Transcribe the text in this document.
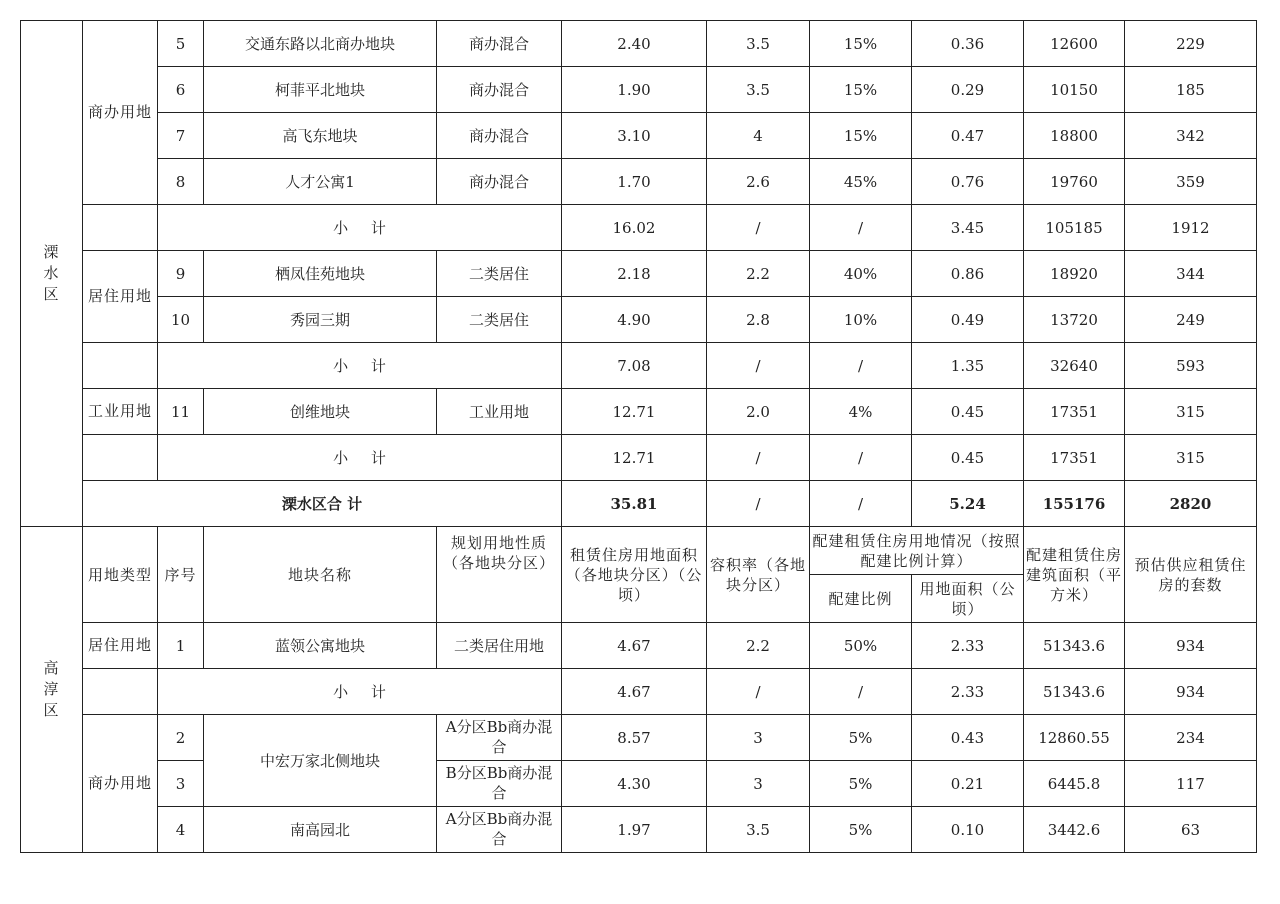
溧水区	商办用地	5	交通东路以北商办地块	商办混合	2.40	3.5	15%	0.36	12600	229
		6	柯菲平北地块	商办混合	1.90	3.5	15%	0.29	10150	185
		7	高飞东地块	商办混合	3.10	4	15%	0.47	18800	342
		8	人才公寓1	商办混合	1.70	2.6	45%	0.76	19760	359
		小 计			16.02	/	/	3.45	105185	1912
	居住用地	9	栖凤佳苑地块	二类居住	2.18	2.2	40%	0.86	18920	344
		10	秀园三期	二类居住	4.90	2.8	10%	0.49	13720	249
		小 计			7.08	/	/	1.35	32640	593
	工业用地	11	创维地块	工业用地	12.71	2.0	4%	0.45	17351	315
		小 计			12.71	/	/	0.45	17351	315
	溧水区合 计				35.81	/	/	5.24	155176	2820
高淳区	用地类型	序号	地块名称	规划用地性质（各地块分区）	租赁住房用地面积（各地块分区）（公顷）	容积率（各地块分区）	配建租赁住房用地情况（按照配建比例计算）		配建租赁住房建筑面积（平方米）	预估供应租赁住房的套数
							配建比例	用地面积（公顷）		
	居住用地	1	蓝领公寓地块	二类居住用地	4.67	2.2	50%	2.33	51343.6	934
		小 计			4.67	/	/	2.33	51343.6	934
	商办用地	2	中宏万家北侧地块	A分区Bb商办混合	8.57	3	5%	0.43	12860.55	234
		3		B分区Bb商办混合	4.30	3	5%	0.21	6445.8	117
		4	南高园北	A分区Bb商办混合	1.97	3.5	5%	0.10	3442.6	63
